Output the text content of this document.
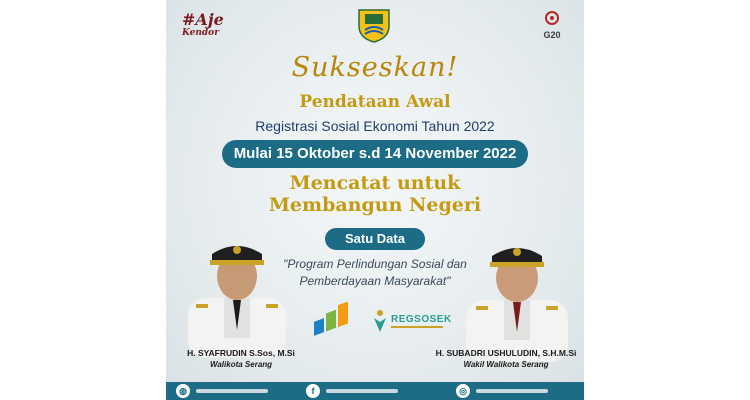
#Aje
Kendor	G20
Sukseskan!
Pendataan Awal
Registrasi Sosial Ekonomi Tahun 2022
Mulai 15 Oktober s.d 14 November 2022
Mencatat untuk
Membangun Negeri
Satu Data
"Program Perlindungan Sosial dan
Pemberdayaan Masyarakat"
REGSOSEK
H. SYAFRUDIN S.Sos, M.Si
Walikota Serang
H. SUBADRI USHULUDIN, S.H.M.Si
Wakil Walikota Serang
◍	f	◎
